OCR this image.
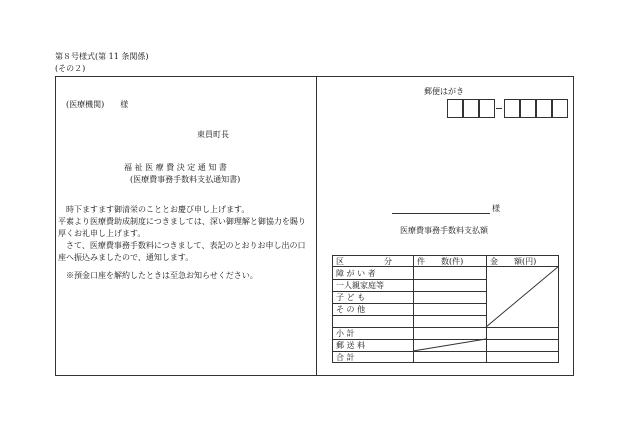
第８号様式(第 11 条関係)
(その２)
(医療機関)　　様
東員町長
福 祉 医 療 費 決 定 通 知 書
(医療費事務手数料支払通知書)
　時下ますます御清栄のこととお慶び申し上げます。
平素より医療費助成制度につきましては、深い御理解と御協力を賜り
厚くお礼申し上げます。
　さて、医療費事務手数料につきまして、表記のとおりお申し出の口
座へ振込みましたので、通知します。
　※預金口座を解約したときは至急お知らせください。
郵便はがき
様
医療費事務手数料支払額
区　　　　　分	件　　数(件)	金　　額(円)
障 が い 者
一人親家庭等
子 ど も
そ の 他
小 計
郵 送 料
合 計
